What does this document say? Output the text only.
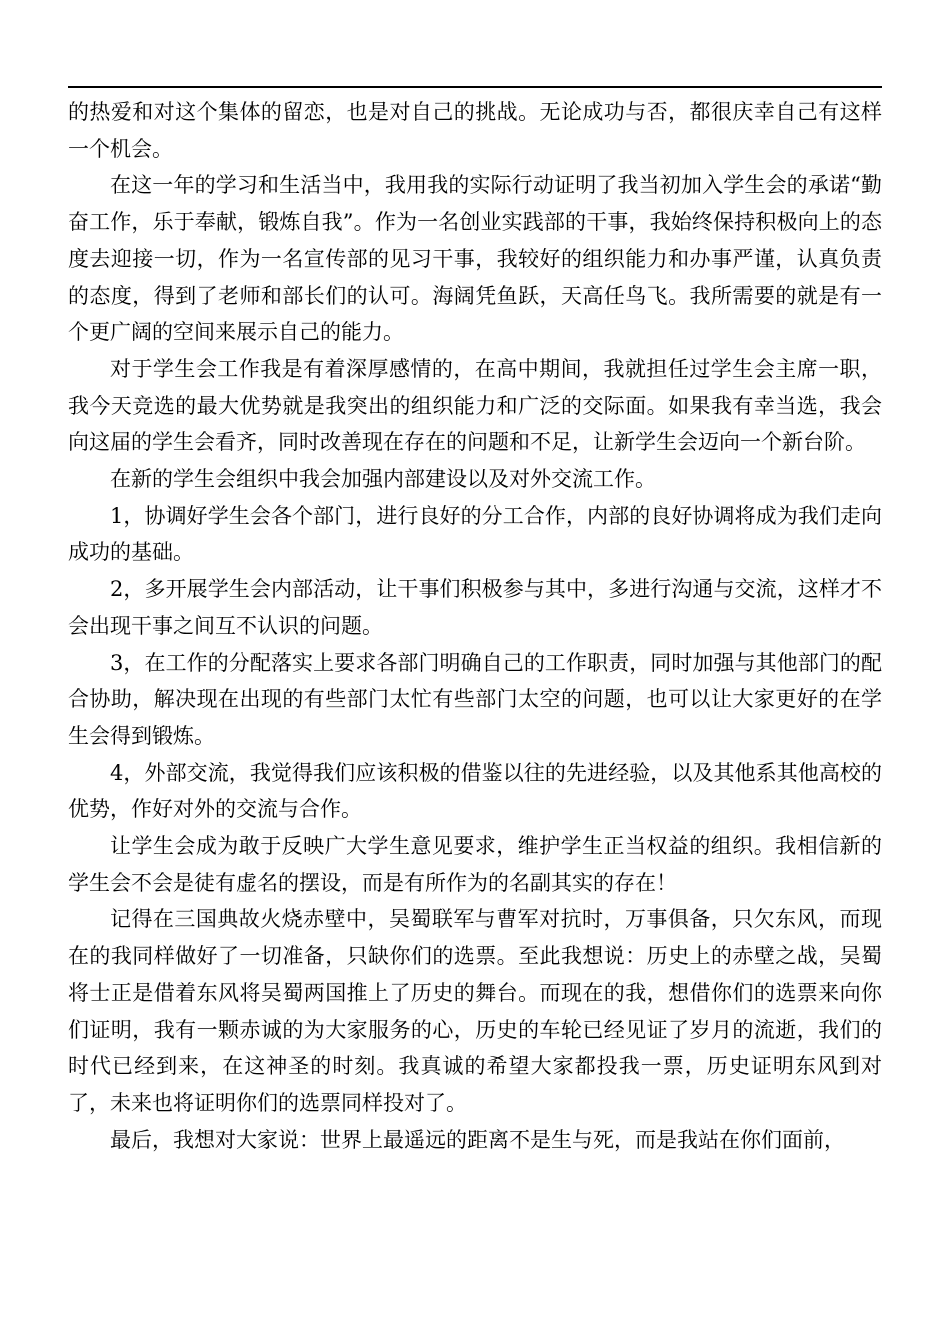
的热爱和对这个集体的留恋，也是对自己的挑战。无论成功与否，都很庆幸自己有这样一个机会。

在这一年的学习和生活当中，我用我的实际行动证明了我当初加入学生会的承诺“勤奋工作，乐于奉献，锻炼自我”。作为一名创业实践部的干事，我始终保持积极向上的态度去迎接一切，作为一名宣传部的见习干事，我较好的组织能力和办事严谨，认真负责的态度，得到了老师和部长们的认可。海阔凭鱼跃，天高任鸟飞。我所需要的就是有一个更广阔的空间来展示自己的能力。

对于学生会工作我是有着深厚感情的，在高中期间，我就担任过学生会主席一职，我今天竞选的最大优势就是我突出的组织能力和广泛的交际面。如果我有幸当选，我会向这届的学生会看齐，同时改善现在存在的问题和不足，让新学生会迈向一个新台阶。

在新的学生会组织中我会加强内部建设以及对外交流工作。

1，协调好学生会各个部门，进行良好的分工合作，内部的良好协调将成为我们走向成功的基础。

2，多开展学生会内部活动，让干事们积极参与其中，多进行沟通与交流，这样才不会出现干事之间互不认识的问题。

3，在工作的分配落实上要求各部门明确自己的工作职责，同时加强与其他部门的配合协助，解决现在出现的有些部门太忙有些部门太空的问题，也可以让大家更好的在学生会得到锻炼。

4，外部交流，我觉得我们应该积极的借鉴以往的先进经验，以及其他系其他高校的优势，作好对外的交流与合作。

让学生会成为敢于反映广大学生意见要求，维护学生正当权益的组织。我相信新的学生会不会是徒有虚名的摆设，而是有所作为的名副其实的存在！

记得在三国典故火烧赤壁中，吴蜀联军与曹军对抗时，万事俱备，只欠东风，而现在的我同样做好了一切准备，只缺你们的选票。至此我想说：历史上的赤壁之战，吴蜀将士正是借着东风将吴蜀两国推上了历史的舞台。而现在的我，想借你们的选票来向你们证明，我有一颗赤诚的为大家服务的心，历史的车轮已经见证了岁月的流逝，我们的时代已经到来，在这神圣的时刻。我真诚的希望大家都投我一票，历史证明东风到对了，未来也将证明你们的选票同样投对了。

最后，我想对大家说：世界上最遥远的距离不是生与死，而是我站在你们面前，
